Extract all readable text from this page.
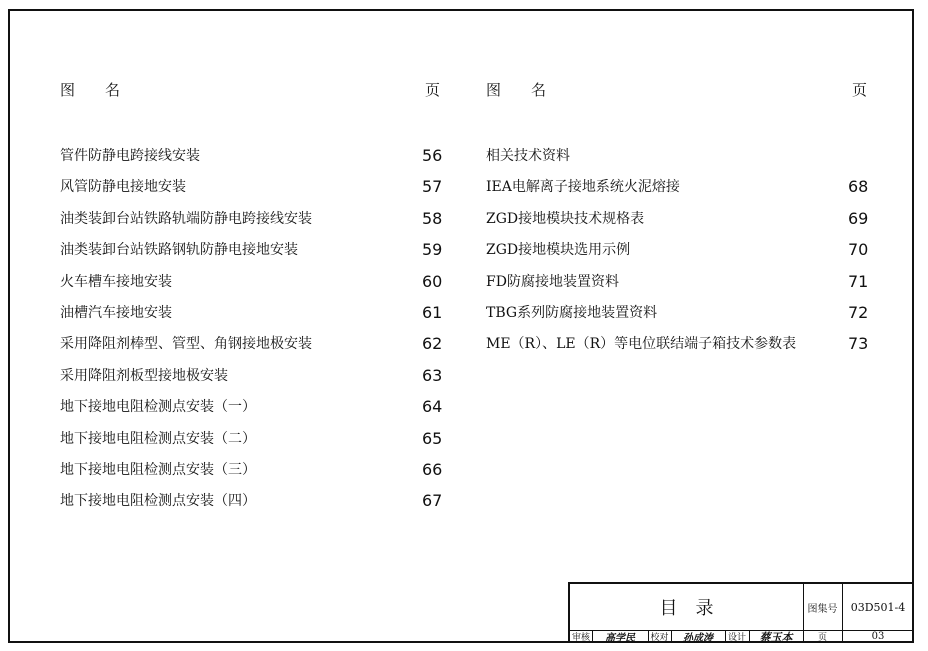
图　　名	页	图　　名	页
管件防静电跨接线安装	56
风管防静电接地安装	57
油类装卸台站铁路轨端防静电跨接线安装	58
油类装卸台站铁路钢轨防静电接地安装	59
火车槽车接地安装	60
油槽汽车接地安装	61
采用降阻剂棒型、管型、角钢接地极安装	62
采用降阻剂板型接地极安装	63
地下接地电阻检测点安装（一）	64
地下接地电阻检测点安装（二）	65
地下接地电阻检测点安装（三）	66
地下接地电阻检测点安装（四）	67
相关技术资料
IEA电解离子接地系统火泥熔接	68
ZGD接地模块技术规格表	69
ZGD接地模块选用示例	70
FD防腐接地装置资料	71
TBG系列防腐接地装置资料	72
ME（R）、LE（R）等电位联结端子箱技术参数表	73
目　录	图集号	03D501-4
审核	高学民	校对	孙成涛	设计	蔡玉本	页	03
